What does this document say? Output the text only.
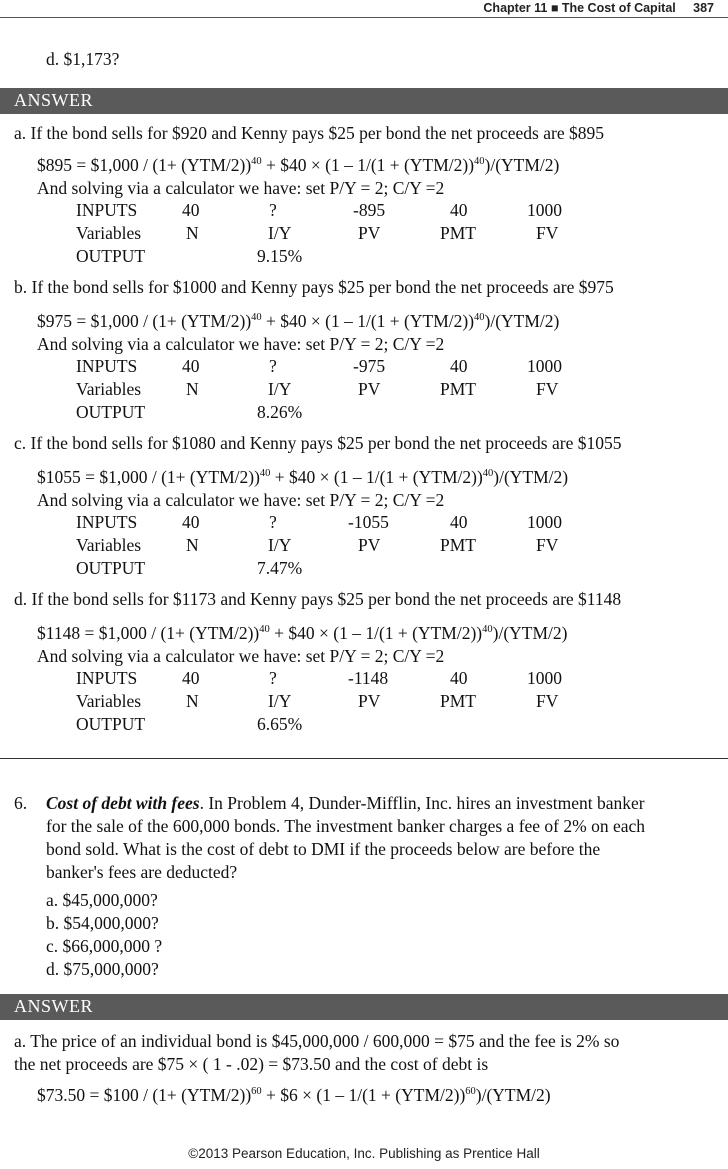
Chapter 11 ■ The Cost of Capital 387
d. $1,173?
ANSWER
a. If the bond sells for $920 and Kenny pays $25 per bond the net proceeds are $895
$895 = $1,000 / $(1+ (YTM/2))^{40}$ + $40 × $(1 - 1/(1 + (YTM/2))^{40})/(YTM/2)$
And solving via a calculator we have: set P/Y = 2; C/Y =2
INPUTS	40	?	-895	40	1000
Variables	N	I/Y	PV	PMT	FV
OUTPUT	9.15%
b. If the bond sells for $1000 and Kenny pays $25 per bond the net proceeds are $975
$975 = $1,000 / $(1+ (YTM/2))^{40}$ + $40 × $(1 - 1/(1 + (YTM/2))^{40})/(YTM/2)$
And solving via a calculator we have: set P/Y = 2; C/Y =2
INPUTS	40	?	-975	40	1000
Variables	N	I/Y	PV	PMT	FV
OUTPUT	8.26%
c. If the bond sells for $1080 and Kenny pays $25 per bond the net proceeds are $1055
$1055 = $1,000 / $(1+ (YTM/2))^{40}$ + $40 × $(1 - 1/(1 + (YTM/2))^{40})/(YTM/2)$
And solving via a calculator we have: set P/Y = 2; C/Y =2
INPUTS	40	?	-1055	40	1000
Variables	N	I/Y	PV	PMT	FV
OUTPUT	7.47%
d. If the bond sells for $1173 and Kenny pays $25 per bond the net proceeds are $1148
$1148 = $1,000 / $(1+ (YTM/2))^{40}$ + $40 × $(1 - 1/(1 + (YTM/2))^{40})/(YTM/2)$
And solving via a calculator we have: set P/Y = 2; C/Y =2
INPUTS	40	?	-1148	40	1000
Variables	N	I/Y	PV	PMT	FV
OUTPUT	6.65%
6. Cost of debt with fees. In Problem 4, Dunder-Mifflin, Inc. hires an investment banker
for the sale of the 600,000 bonds. The investment banker charges a fee of 2% on each
bond sold. What is the cost of debt to DMI if the proceeds below are before the
banker's fees are deducted?
a. $45,000,000?
b. $54,000,000?
c. $66,000,000 ?
d. $75,000,000?
ANSWER
a. The price of an individual bond is $45,000,000 / 600,000 = $75 and the fee is 2% so
the net proceeds are $75 × ( 1 - .02) = $73.50 and the cost of debt is
$73.50 = $100 / $(1+ (YTM/2))^{60}$ + $6 × $(1 - 1/(1 + (YTM/2))^{60})/(YTM/2)$
©2013 Pearson Education, Inc. Publishing as Prentice Hall
